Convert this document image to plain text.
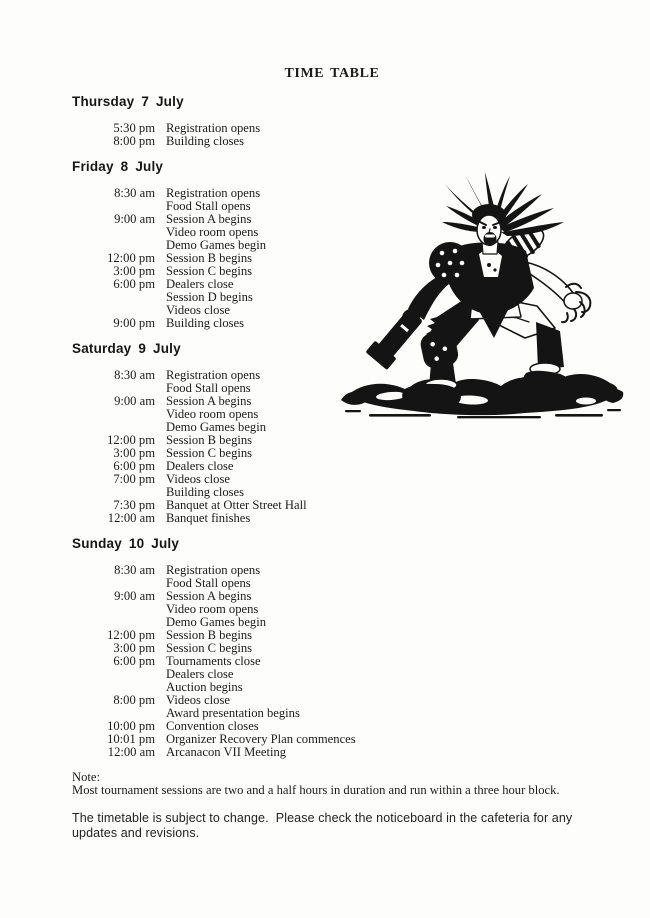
TIME TABLE
Thursday 7 July
5:30 pm	Registration opens
8:00 pm	Building closes
Friday 8 July
8:30 am	Registration opens
	Food Stall opens
9:00 am	Session A begins
	Video room opens
	Demo Games begin
12:00 pm	Session B begins
3:00 pm	Session C begins
6:00 pm	Dealers close
	Session D begins
	Videos close
9:00 pm	Building closes
Saturday 9 July
8:30 am	Registration opens
	Food Stall opens
9:00 am	Session A begins
	Video room opens
	Demo Games begin
12:00 pm	Session B begins
3:00 pm	Session C begins
6:00 pm	Dealers close
7:00 pm	Videos close
	Building closes
7:30 pm	Banquet at Otter Street Hall
12:00 am	Banquet finishes
Sunday 10 July
8:30 am	Registration opens
	Food Stall opens
9:00 am	Session A begins
	Video room opens
	Demo Games begin
12:00 pm	Session B begins
3:00 pm	Session C begins
6:00 pm	Tournaments close
	Dealers close
	Auction begins
8:00 pm	Videos close
	Award presentation begins
10:00 pm	Convention closes
10:01 pm	Organizer Recovery Plan commences
12:00 am	Arcanacon VII Meeting
Note:
Most tournament sessions are two and a half hours in duration and run within a three hour block.
The timetable is subject to change.  Please check the noticeboard in the cafeteria for any
updates and revisions.
